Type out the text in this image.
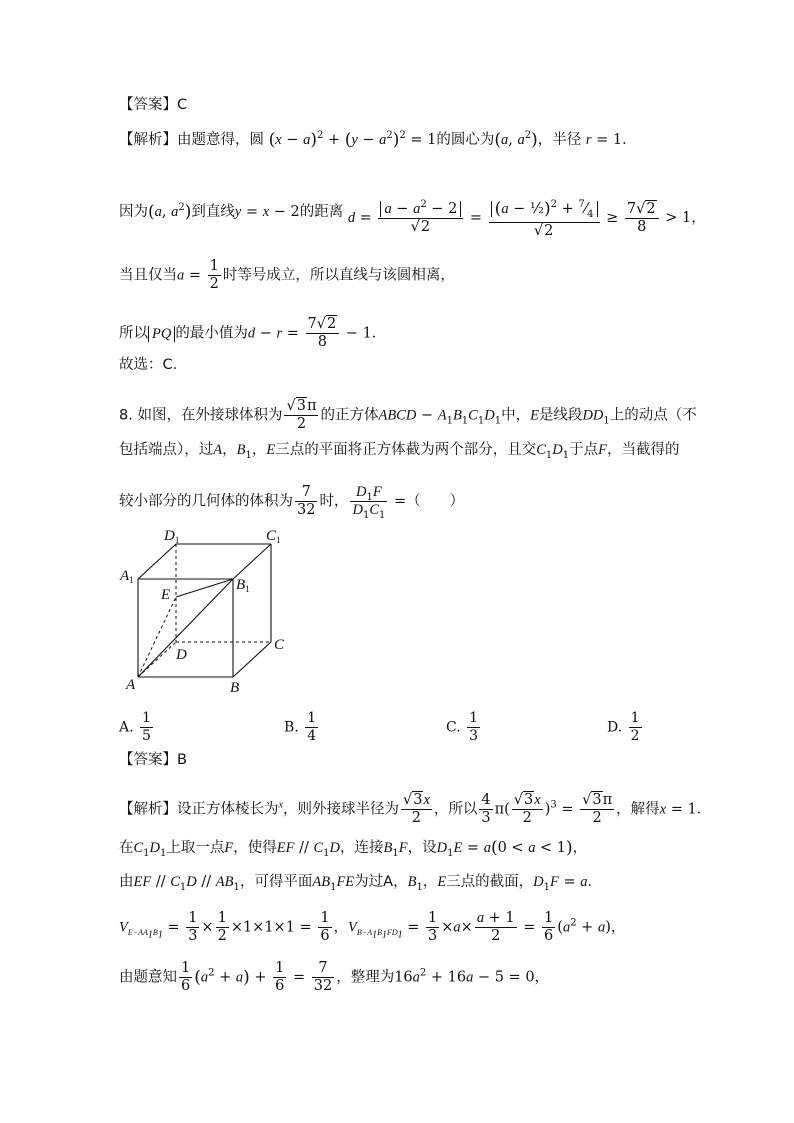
【答案】C
【解析】由题意得，圆 $(x - a)^2 + (y - a^2)^2 = 1$的圆心为(a, $a^2$)，半径 r = 1．
因为(a, $a^2$)到直线y = x − 2的距离 $d = \frac{a - a^2 - 2}{√2} = \frac{(a - \frac{1}{2})^2 + ^7⁄_4}{√2} \ge \frac{7√2}{8} > 1$，
当且仅当$a = \frac{1}{2}$ 时等号成立，所以直线与该圆相离，
所以 PQ 的最小值为$d - r = \frac{7√2}{8} - 1$．
故选：C．
8. 如图，在外接球体积为 $\frac{√3\pi}{2}$ 的正方体ABCD − $A_1B_1C_1D_1$中，E是线段$DD_1$上的动点（不
包括端点），过A，$B_1$，E三点的平面将正方体截为两个部分，且交$C_1D_1$于点F，当截得的
较小部分的几何体的体积为 $\frac{7}{32}$ 时， $\frac{D_1F}{D_1C_1}$ =（　　）
$D_1$	$C_1$
$A_1$	$B_1$
E
D
C
A	B
A. $\frac{1}{5}$	B. $\frac{1}{4}$	C. $\frac{1}{3}$	D. $\frac{1}{2}$
【答案】B
【解析】设正方体棱长为$^x$，则外接球半径为 $\frac{√3x}{2}$ ，所以 $\frac{4}{3} \pi( \frac{√3x}{2} )^3 = \frac{√3\pi}{2}$ ，解得x = 1．
在$C_1D_1$上取一点F，使得EF // $C_1D$，连接$B_1F$，设$D_1E = a(0 < a < 1)$，
由EF // $C_1D // AB_1$，可得平面$AB_1FE$为过A，$B_1$，E三点的截面，$D_1F = a$．
$V_{E-AA_1B_1} = \frac{1}{3} \times \frac{1}{2} \times 1\times 1\times 1 = \frac{1}{6}$ ，$V_{B-A_1B_1FD_1} = \frac{1}{3} \times a\times \frac{a + 1}{2} = \frac{1}{6} (a^2 + a)$，
由题意知 $\frac{1}{6} (a^2 + a) + \frac{1}{6} = \frac{7}{32}$ ，整理为$16a^2 + 16a - 5 = 0$，
